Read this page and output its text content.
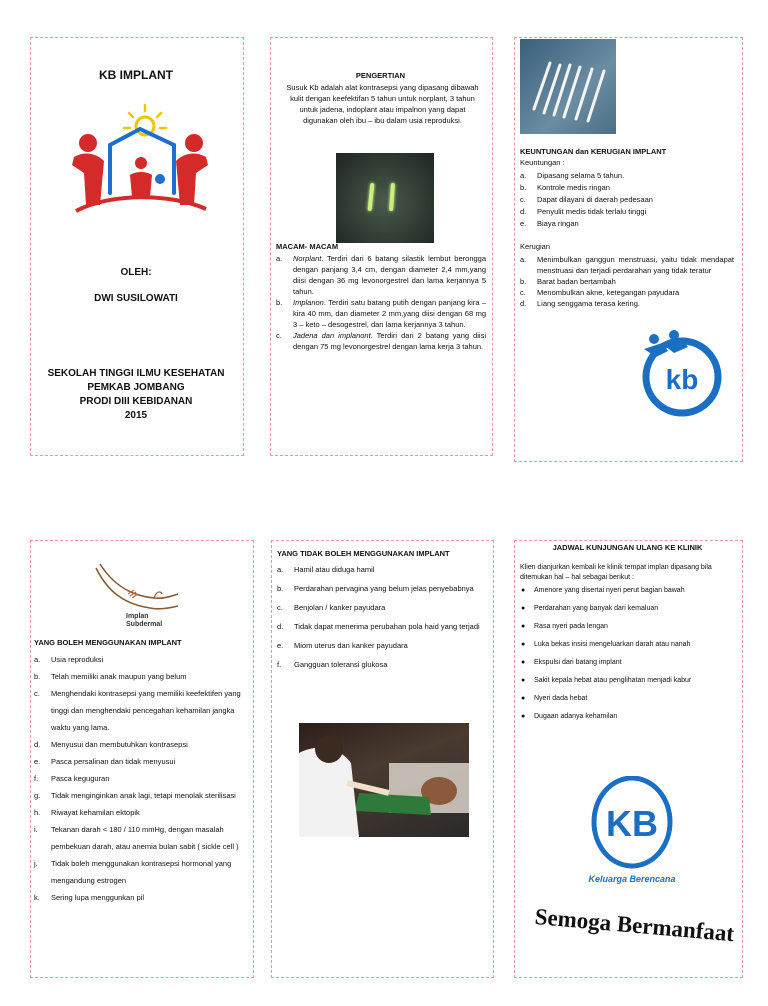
KB IMPLANT
OLEH:
DWI SUSILOWATI
SEKOLAH TINGGI ILMU KESEHATAN
PEMKAB JOMBANG
PRODI DIII KEBIDANAN
2015
PENGERTIAN
Susuk Kb adalah alat kontrasepsi yang dipasang dibawah kulit dengan keefektifan 5 tahun untuk norplant, 3 tahun untuk jadena, indoplant atau impalnon yang dapat digunakan oleh ibu – ibu dalam usia reproduksi.
MACAM- MACAM
a. Norplant. Terdiri dari 6 batang silastik lembut berongga dengan panjang 3,4 cm, dengan diameter 2,4 mm,yang diisi dengan 36 mg levonorgestrel dan lama kerjannya 5 tahun.
b. Implanon. Terdiri satu batang putih dengan panjang kira – kira 40 mm, dan diameter 2 mm,yang diisi dengan 68 mg 3 – keto – desogestrel, dan lama kerjannya 3 tahun.
c. Jadena dan implanont. Terdiri dari 2 batang yang diisi dengan 75 mg levonorgestrel dengan lama kerja 3 tahun.
KEUNTUNGAN dan KERUGIAN IMPLANT
Keuntungan :
a. Dipasang selama 5 tahun.
b. Kontrole medis ringan
c. Dapat dilayani di daerah pedesaan
d. Penyulit medis tidak terlalu tinggi
e. Biaya ringan
Kerugian
a. Menimbulkan ganggun menstruasi, yaitu tidak mendapat menstruasi dan terjadi perdarahan yang tidak teratur
b. Barat badan bertambah
c. Menombulkan akne, ketegangan payudara
d. Liang senggama terasa kering.
kb
Implan
Subdermal
YANG BOLEH MENGGUNAKAN IMPLANT
a. Usia reproduksi
b. Telah memiliki anak maupun yang belum
c. Menghendaki kontrasepsi yang memiliki keefektifen yang tinggi dan menghendaki pencegahan kehamilan jangka waktu yang lama.
d. Menyusui dan membutuhkan kontrasepsi
e. Pasca persalinan dan tidak menyusui
f. Pasca keguguran
g. Tidak menginginkan anak lagi, tetapi menolak sterilisasi
h. Riwayat kehamilan ektopik
i. Tekanan darah < 180 / 110 mmHg, dengan masalah pembekuan darah, atau anemia bulan sabit ( sickle cell )
j. Tidak boleh menggunakan kontrasepsi hormonal yang mengandung estrogen
k. Sering lupa menggunkan pil
YANG TIDAK BOLEH MENGGUNAKAN IMPLANT
a. Hamil atau diduga hamil
b. Perdarahan pervagina yang belum jelas penyebabnya
c. Benjolan / kanker payudara
d. Tidak dapat menerima perubahan pola haid yang terjadi
e. Miom uterus dan kanker payudara
f. Gangguan toleransi glukosa
JADWAL KUNJUNGAN ULANG KE KLINIK
Klien dianjurkan kembali ke klinik tempat implan dipasang bila ditemukan hal – hal sebagai berikut :
● Amenore yang disertai nyeri perut bagian bawah
● Perdarahan yang banyak dari kemaluan
● Rasa nyeri pada lengan
● Luka bekas insisi mengeluarkan darah atau nanah
● Ekspulsi dari batang implant
● Sakit kepala hebat atau penglihatan menjadi kabur
● Nyeri dada hebat
● Dugaan adanya kehamilan
KB
Keluarga Berencana
Semoga Bermanfaat
